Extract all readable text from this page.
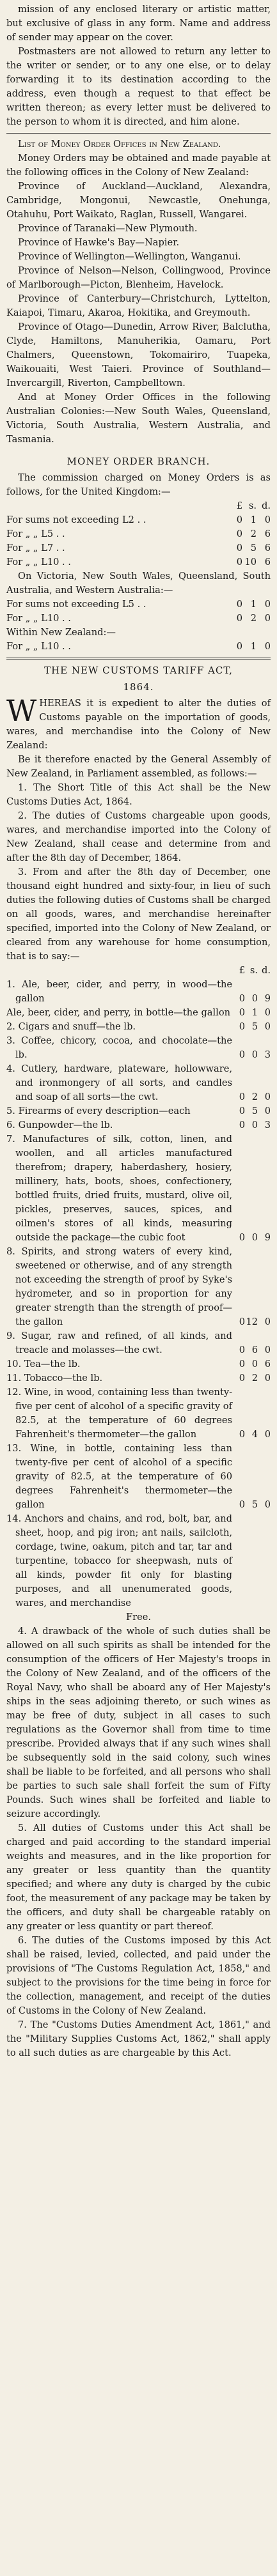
mission of any enclosed literary or artistic matter, but exclusive of glass in any form. Name and address of sender may appear on the cover.

Postmasters are not allowed to return any letter to the writer or sender, or to any one else, or to delay forwarding it to its destination according to the address, even though a request to that effect be written thereon; as every letter must be delivered to the person to whom it is directed, and him alone.

List of Money Order Offices in New Zealand.

Money Orders may be obtained and made payable at the following offices in the Colony of New Zealand:

Province of Auckland—Auckland, Alexandra, Cambridge, Mongonui, Newcastle, Onehunga, Otahuhu, Port Waikato, Raglan, Russell, Wangarei.

Province of Taranaki—New Plymouth.

Province of Hawke's Bay—Napier.

Province of Wellington—Wellington, Wanganui.

Province of Nelson—Nelson, Collingwood, Province of Marlborough—Picton, Blenheim, Havelock.

Province of Canterbury—Christchurch, Lyttelton, Kaiapoi, Timaru, Akaroa, Hokitika, and Greymouth.

Province of Otago—Dunedin, Arrow River, Balclutha, Clyde, Hamiltons, Manuherikia, Oamaru, Port Chalmers, Queenstown, Tokomairiro, Tuapeka, Waikouaiti, West Taieri. Province of Southland—Invercargill, Riverton, Campbelltown.

And at Money Order Offices in the following Australian Colonies:—New South Wales, Queensland, Victoria, South Australia, Western Australia, and Tasmania.

MONEY ORDER BRANCH.

The commission charged on Money Orders is as follows, for the United Kingdom:—

	£	s.	d.
For sums not exceeding L2 . .	0	1	0
For „ „ L5 . .	0	2	6
For „ „ L7 . .	0	5	6
For „ „ L10 . .	0	10	6

On Victoria, New South Wales, Queensland, South Australia, and Western Australia:—

For sums not exceeding L5 . .	0	1	0
For „ „ L10 . .	0	2	0
Within New Zealand:—			
For „ „ L10 . .	0	1	0
THE NEW CUSTOMS TARIFF ACT,
1864.

W HEREAS it is expedient to alter the duties of Customs payable on the importation of goods, wares, and merchandise into the Colony of New Zealand:

Be it therefore enacted by the General Assembly of New Zealand, in Parliament assembled, as follows:—

1. The Short Title of this Act shall be the New Customs Duties Act, 1864.

2. The duties of Customs chargeable upon goods, wares, and merchandise imported into the Colony of New Zealand, shall cease and determine from and after the 8th day of December, 1864.

3. From and after the 8th day of December, one thousand eight hundred and sixty-four, in lieu of such duties the following duties of Customs shall be charged on all goods, wares, and merchandise hereinafter specified, imported into the Colony of New Zealand, or cleared from any warehouse for home consumption, that is to say:—

	£	s.	d.
1. Ale, beer, cider, and perry, in wood—the gallon	0	0	9
Ale, beer, cider, and perry, in bottle—the gallon	0	1	0
2. Cigars and snuff—the lb.	0	5	0
3. Coffee, chicory, cocoa, and chocolate—the lb.	0	0	3
4. Cutlery, hardware, plateware, hollowware, and ironmongery of all sorts, and candles and soap of all sorts—the cwt.	0	2	0
5. Firearms of every description—each	0	5	0
6. Gunpowder—the lb.	0	0	3
7. Manufactures of silk, cotton, linen, and woollen, and all articles manufactured therefrom; drapery, haberdashery, hosiery, millinery, hats, boots, shoes, confectionery, bottled fruits, dried fruits, mustard, olive oil, pickles, preserves, sauces, spices, and oilmen's stores of all kinds, measuring outside the package—the cubic foot	0	0	9
8. Spirits, and strong waters of every kind, sweetened or otherwise, and of any strength not exceeding the strength of proof by Syke's hydrometer, and so in proportion for any greater strength than the strength of proof—the gallon	0	12	0
9. Sugar, raw and refined, of all kinds, and treacle and molasses—the cwt.	0	6	0
10. Tea—the lb.	0	0	6
11. Tobacco—the lb.	0	2	0
12. Wine, in wood, containing less than twenty-five per cent of alcohol of a specific gravity of 82.5, at the temperature of 60 degrees Fahrenheit's thermometer—the gallon	0	4	0
13. Wine, in bottle, containing less than twenty-five per cent of alcohol of a specific gravity of 82.5, at the temperature of 60 degrees Fahrenheit's thermometer—the gallon	0	5	0
14. Anchors and chains, and rod, bolt, bar, and sheet, hoop, and pig iron; ant nails, sailcloth, cordage, twine, oakum, pitch and tar, tar and turpentine, tobacco for sheepwash, nuts of all kinds, powder fit only for blasting purposes, and all unenumerated goods, wares, and merchandise			

Free.

4. A drawback of the whole of such duties shall be allowed on all such spirits as shall be intended for the consumption of the officers of Her Majesty's troops in the Colony of New Zealand, and of the officers of the Royal Navy, who shall be aboard any of Her Majesty's ships in the seas adjoining thereto, or such wines as may be free of duty, subject in all cases to such regulations as the Governor shall from time to time prescribe. Provided always that if any such wines shall be subsequently sold in the said colony, such wines shall be liable to be forfeited, and all persons who shall be parties to such sale shall forfeit the sum of Fifty Pounds. Such wines shall be forfeited and liable to seizure accordingly.

5. All duties of Customs under this Act shall be charged and paid according to the standard imperial weights and measures, and in the like proportion for any greater or less quantity than the quantity specified; and where any duty is charged by the cubic foot, the measurement of any package may be taken by the officers, and duty shall be chargeable ratably on any greater or less quantity or part thereof.

6. The duties of the Customs imposed by this Act shall be raised, levied, collected, and paid under the provisions of "The Customs Regulation Act, 1858," and subject to the provisions for the time being in force for the collection, management, and receipt of the duties of Customs in the Colony of New Zealand.

7. The "Customs Duties Amendment Act, 1861," and the "Military Supplies Customs Act, 1862," shall apply to all such duties as are chargeable by this Act.
